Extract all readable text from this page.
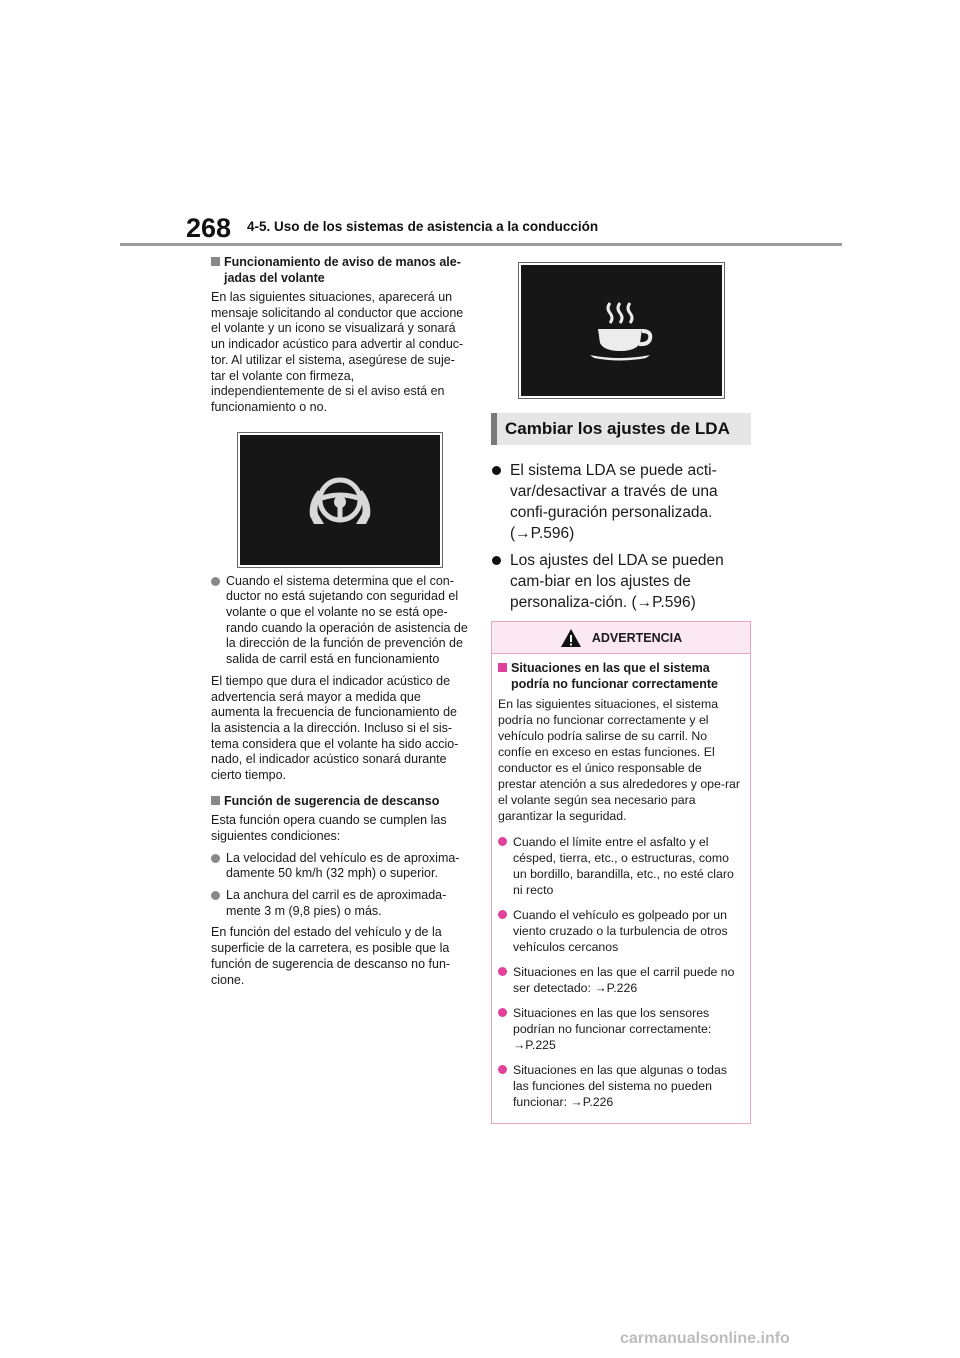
268 4-5. Uso de los sistemas de asistencia a la conducción
Funcionamiento de aviso de manos ale-jadas del volante
En las siguientes situaciones, aparecerá un mensaje solicitando al conductor que accione el volante y un icono se visualizará y sonará un indicador acústico para advertir al conduc-tor. Al utilizar el sistema, asegúrese de suje-tar el volante con firmeza, independientemente de si el aviso está en funcionamiento o no.
Cuando el sistema determina que el con-ductor no está sujetando con seguridad el volante o que el volante no se está ope-rando cuando la operación de asistencia de la dirección de la función de prevención de salida de carril está en funcionamiento
El tiempo que dura el indicador acústico de advertencia será mayor a medida que aumenta la frecuencia de funcionamiento de la asistencia a la dirección. Incluso si el sis-tema considera que el volante ha sido accio-nado, el indicador acústico sonará durante cierto tiempo.
Función de sugerencia de descanso
Esta función opera cuando se cumplen las siguientes condiciones:
La velocidad del vehículo es de aproxima-damente 50 km/h (32 mph) o superior.
La anchura del carril es de aproximada-mente 3 m (9,8 pies) o más.
En función del estado del vehículo y de la superficie de la carretera, es posible que la función de sugerencia de descanso no fun-cione.
Cambiar los ajustes de LDA
El sistema LDA se puede acti-var/desactivar a través de una confi-guración personalizada. (→P.596)
Los ajustes del LDA se pueden cam-biar en los ajustes de personaliza-ción. (→P.596)
ADVERTENCIA
Situaciones en las que el sistema podría no funcionar correctamente
En las siguientes situaciones, el sistema podría no funcionar correctamente y el vehículo podría salirse de su carril. No confíe en exceso en estas funciones. El conductor es el único responsable de prestar atención a sus alrededores y ope-rar el volante según sea necesario para garantizar la seguridad.
Cuando el límite entre el asfalto y el césped, tierra, etc., o estructuras, como un bordillo, barandilla, etc., no esté claro ni recto
Cuando el vehículo es golpeado por un viento cruzado o la turbulencia de otros vehículos cercanos
Situaciones en las que el carril puede no ser detectado: →P.226
Situaciones en las que los sensores podrían no funcionar correctamente: →P.225
Situaciones en las que algunas o todas las funciones del sistema no pueden funcionar: →P.226
carmanualsonline.info
